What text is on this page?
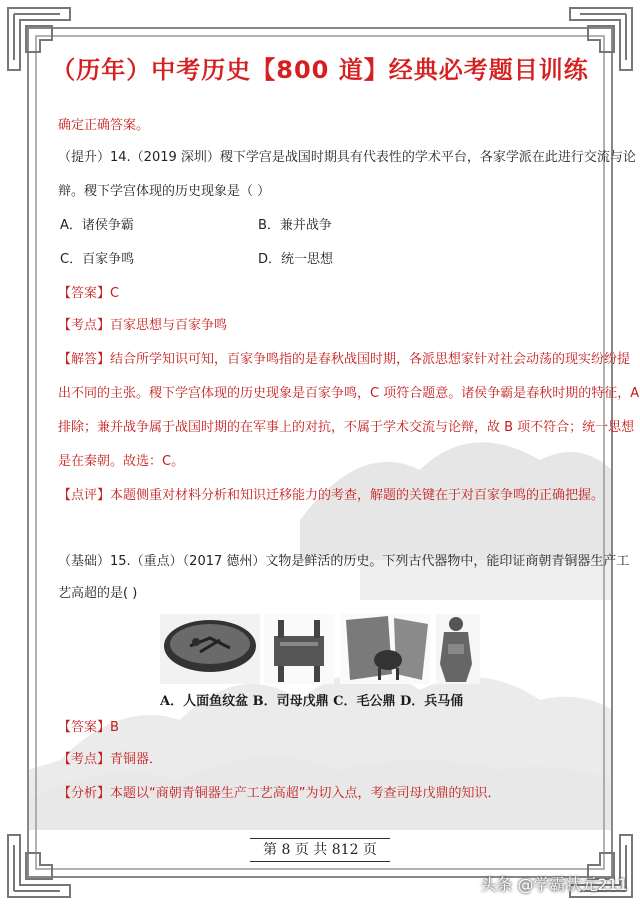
（历年）中考历史【800 道】经典必考题目训练
确定正确答案。
（提升）14.（2019 深圳）稷下学宫是战国时期具有代表性的学术平台，各家学派在此进行交流与论
辩。稷下学宫体现的历史现象是（ ）
A．诸侯争霸	B．兼并战争
C．百家争鸣	D．统一思想
【答案】C
【考点】百家思想与百家争鸣
【解答】结合所学知识可知，百家争鸣指的是春秋战国时期，各派思想家针对社会动荡的现实纷纷提
出不同的主张。稷下学宫体现的历史现象是百家争鸣，C 项符合题意。诸侯争霸是春秋时期的特征，A
排除；兼并战争属于战国时期的在军事上的对抗，不属于学术交流与论辩，故 B 项不符合；统一思想
是在秦朝。故选：C。
【点评】本题侧重对材料分析和知识迁移能力的考查，解题的关键在于对百家争鸣的正确把握。
（基础）15.（重点）（2017 德州）文物是鲜活的历史。下列古代器物中，能印证商朝青铜器生产工
艺高超的是( )
【答案】B
【考点】青铜器．
【分析】本题以“商朝青铜器生产工艺高超”为切入点，考查司母戊鼎的知识．
A．人面鱼纹盆 B．司母戊鼎 C．毛公鼎 D．兵马俑
第 8 页 共 812 页
头条 @学霸状元211
